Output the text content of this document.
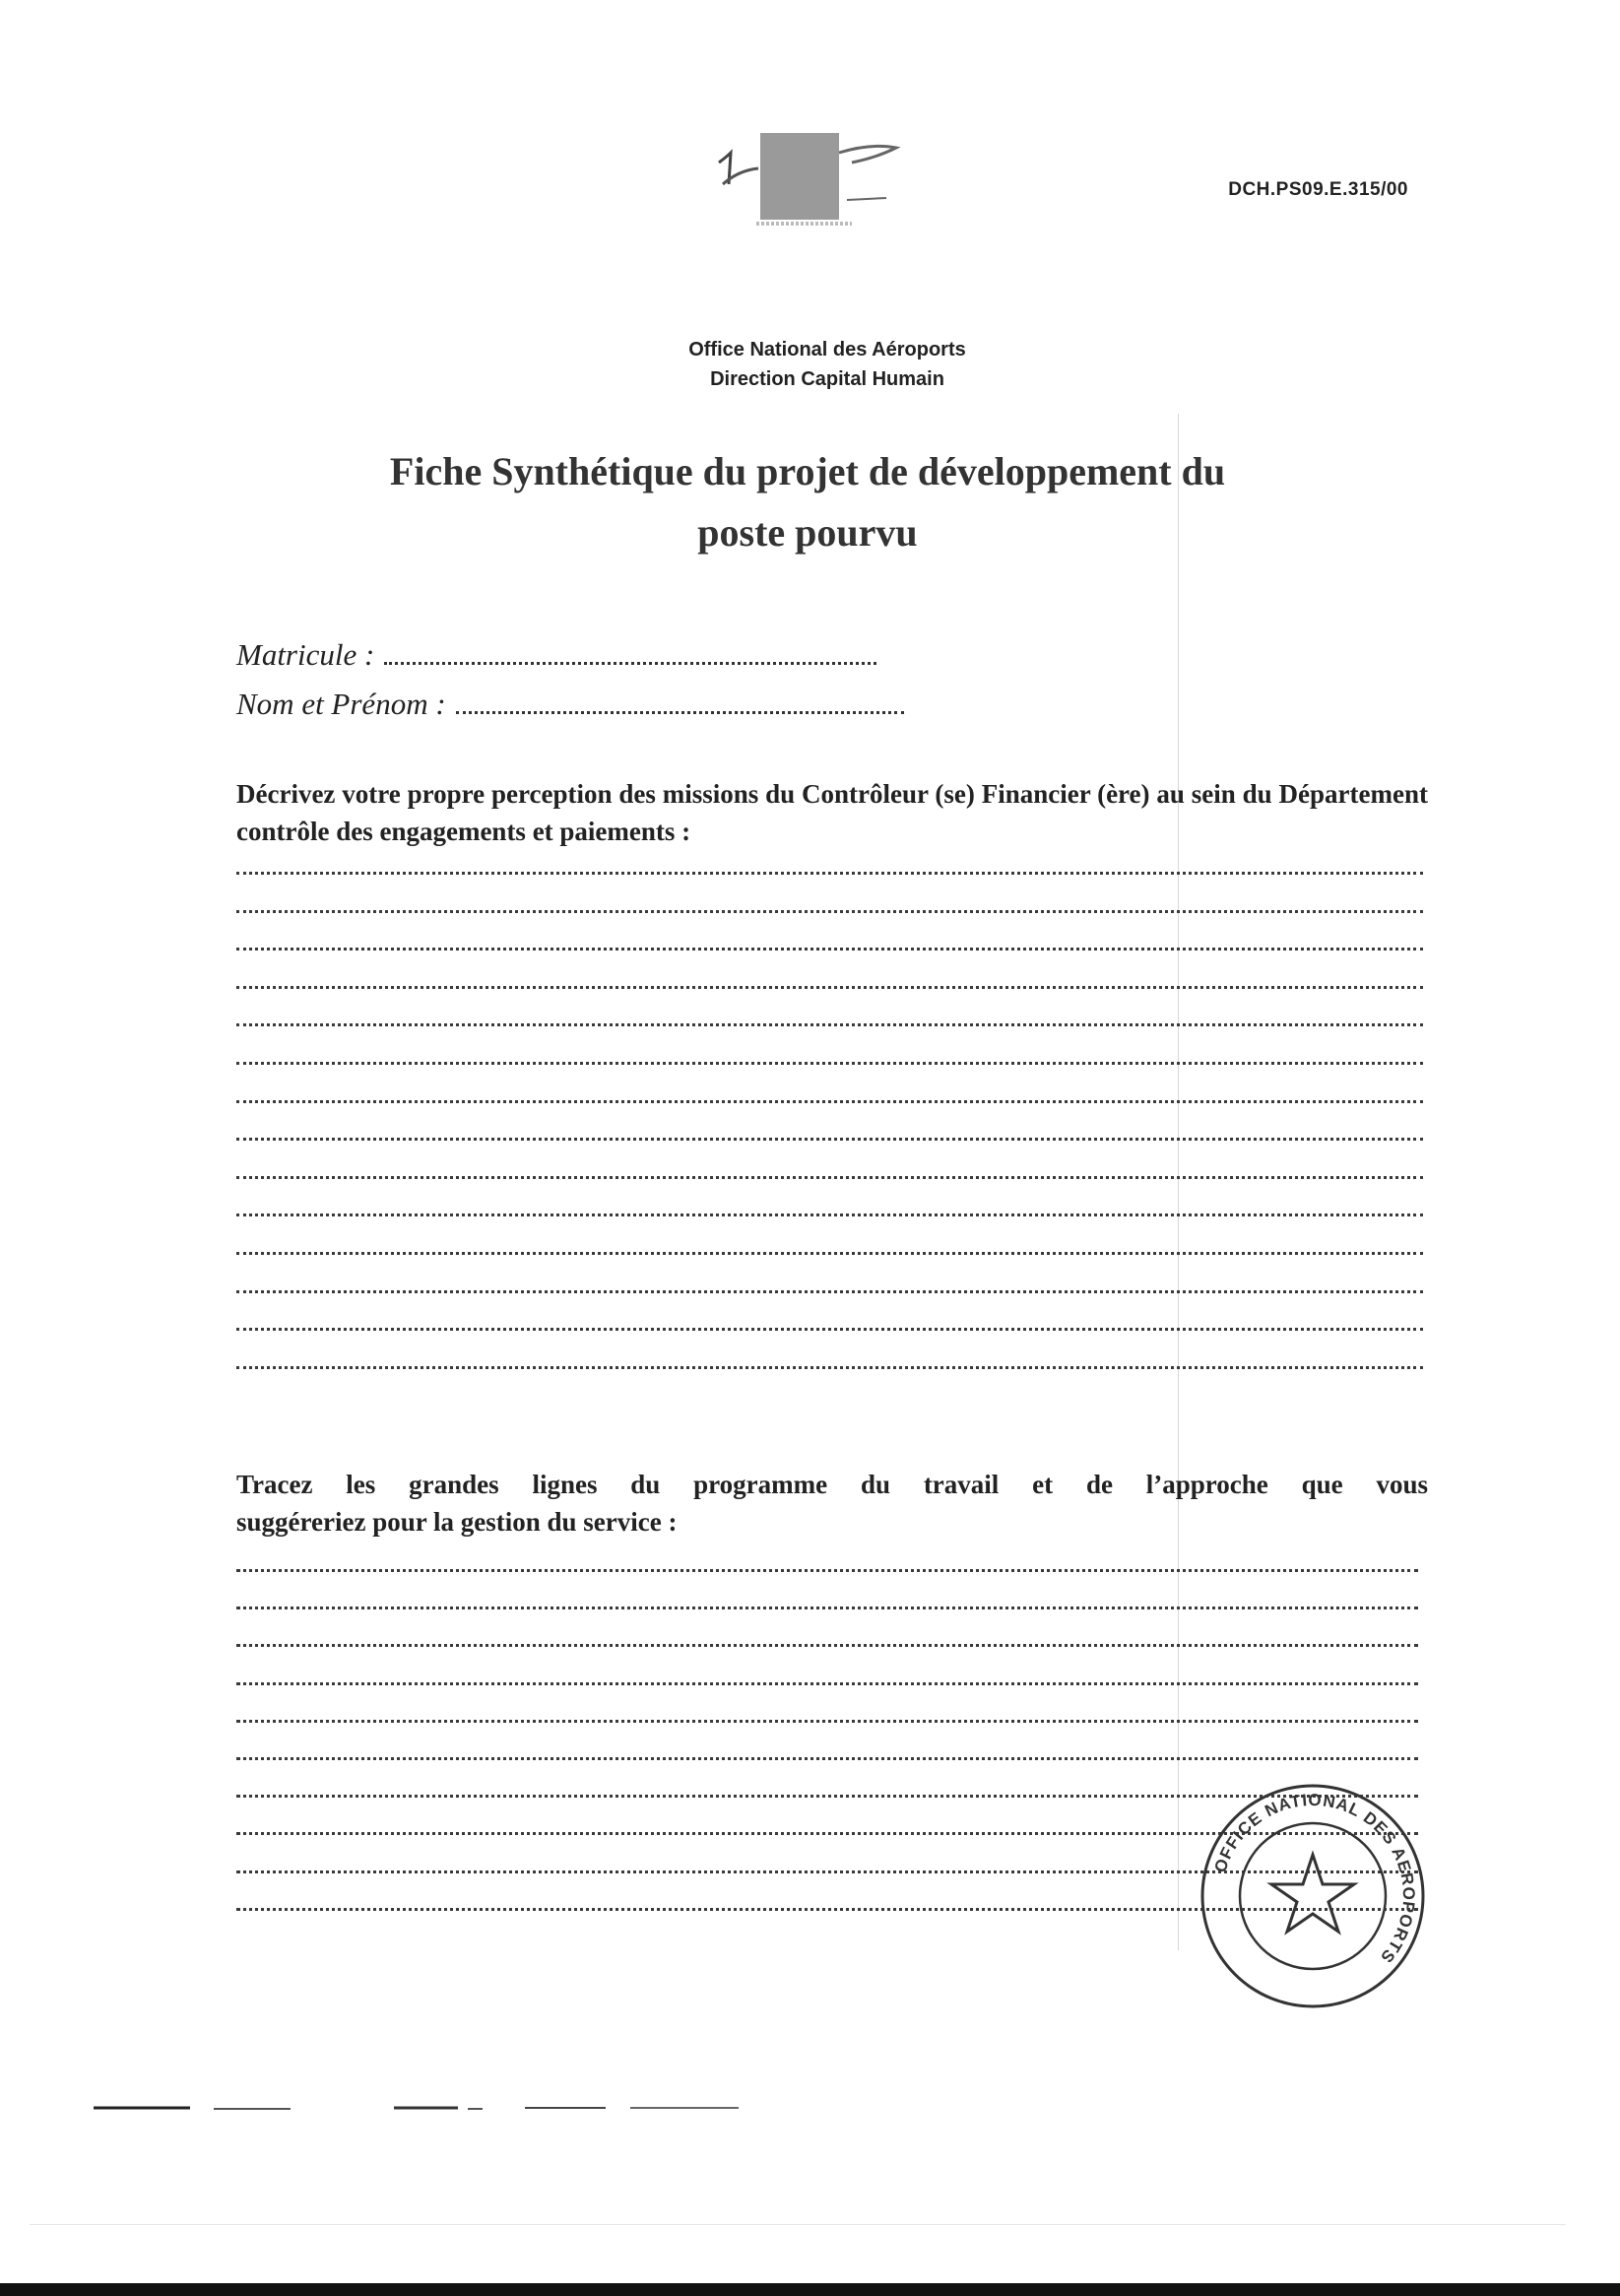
DCH.PS09.E.315/00
Office National des Aéroports
Direction Capital Humain
Fiche Synthétique du projet de développement du
poste pourvu
Matricule :
Nom et Prénom :
Décrivez votre propre perception des missions du Contrôleur (se) Financier (ère) au sein du Département contrôle des engagements et paiements :
Tracez les grandes lignes du programme du travail et de l’approche que vous
suggéreriez pour la gestion du service :
OFFICE NATIONAL DES AEROPORTS
